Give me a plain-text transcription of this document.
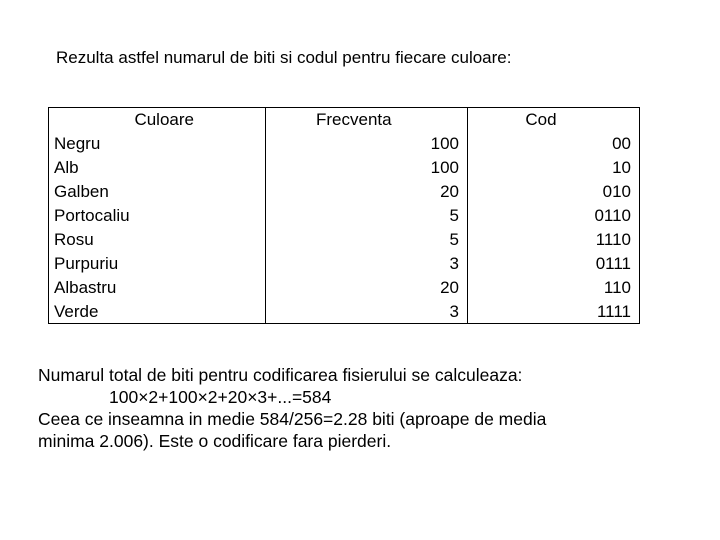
Rezulta astfel numarul de biti si codul pentru ﬁecare culoare:
Culoare
Negru
Alb
Galben
Portocaliu
Rosu
Purpuriu
Albastru
Verde
Frecventa
100
100
20
5
5
3
20
3
Cod
00
10
010
0110
1110
0111
110
1111
Numarul total de biti pentru codiﬁcarea ﬁsierului se calculeaza:
100×2+100×2+20×3+...=584
Ceea ce inseamna in medie 584/256=2.28 biti (aproape de media
minima 2.006). Este o codiﬁcare fara pierderi.
